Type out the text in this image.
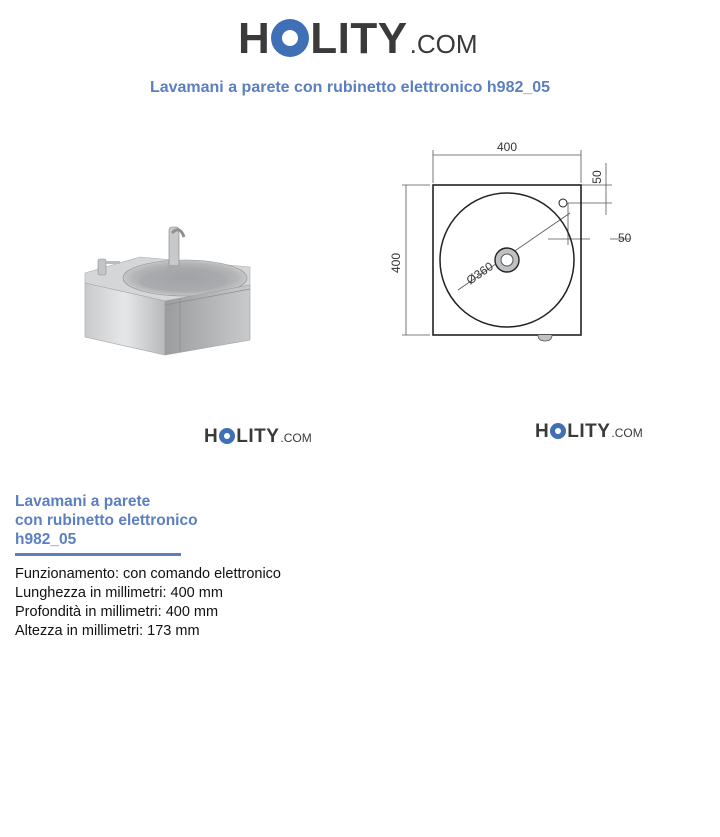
H LITY .COM
Lavamani a parete con rubinetto elettronico h982_05
400
400
50
50
Ø360
H LITY .COM	H LITY .COM
Lavamani a parete
con rubinetto elettronico
h982_05
Funzionamento: con comando elettronico
Lunghezza in millimetri: 400 mm
Profondità in millimetri: 400 mm
Altezza in millimetri: 173 mm
